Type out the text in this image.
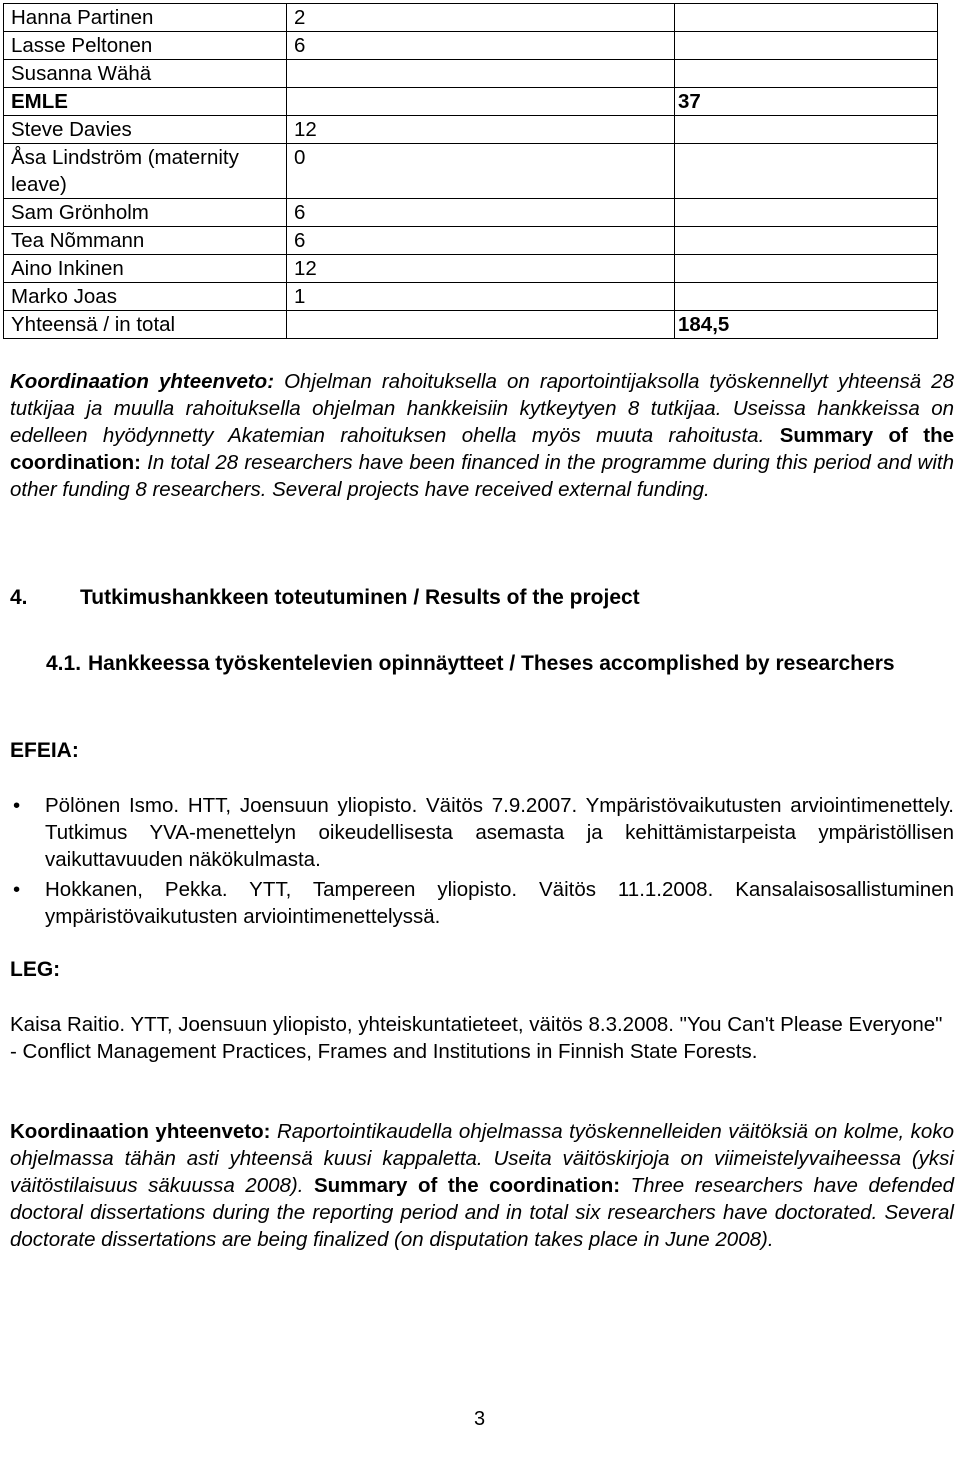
Hanna Partinen	2	
Lasse Peltonen	6	
Susanna Wähä		
EMLE		37
Steve Davies	12	
Åsa Lindström (maternity leave)	0	
Sam Grönholm	6	
Tea Nõmmann	6	
Aino Inkinen	12	
Marko Joas	1	
Yhteensä / in total		184,5
Koordinaation yhteenveto: Ohjelman rahoituksella on raportointijaksolla työskennellyt yhteensä 28 tutkijaa ja muulla rahoituksella ohjelman hankkeisiin kytkeytyen 8 tutkijaa. Useissa hankkeissa on edelleen hyödynnetty Akatemian rahoituksen ohella myös muuta rahoitusta. Summary of the coordination: In total 28 researchers have been financed in the programme during this period and with other funding 8 researchers. Several projects have received external funding.
4. Tutkimushankkeen toteutuminen / Results of the project
4.1. Hankkeessa työskentelevien opinnäytteet / Theses accomplished by researchers
EFEIA:
• Pölönen Ismo. HTT, Joensuun yliopisto. Väitös 7.9.2007. Ympäristövaikutusten arviointimenettely. Tutkimus YVA-menettelyn oikeudellisesta asemasta ja kehittämistarpeista ympäristöllisen vaikuttavuuden näkökulmasta.
• Hokkanen, Pekka. YTT, Tampereen yliopisto. Väitös 11.1.2008. Kansalaisosallistuminen ympäristövaikutusten arviointimenettelyssä.
LEG:
Kaisa Raitio. YTT, Joensuun yliopisto, yhteiskuntatieteet, väitös 8.3.2008. "You Can't Please Everyone" - Conflict Management Practices, Frames and Institutions in Finnish State Forests.
Koordinaation yhteenveto: Raportointikaudella ohjelmassa työskennelleiden väitöksiä on kolme, koko ohjelmassa tähän asti yhteensä kuusi kappaletta. Useita väitöskirjoja on viimeistelyvaiheessa (yksi väitöstilaisuus säkuussa 2008). Summary of the coordination: Three researchers have defended doctoral dissertations during the reporting period and in total six researchers have doctorated. Several doctorate dissertations are being finalized (on disputation takes place in June 2008).
3
